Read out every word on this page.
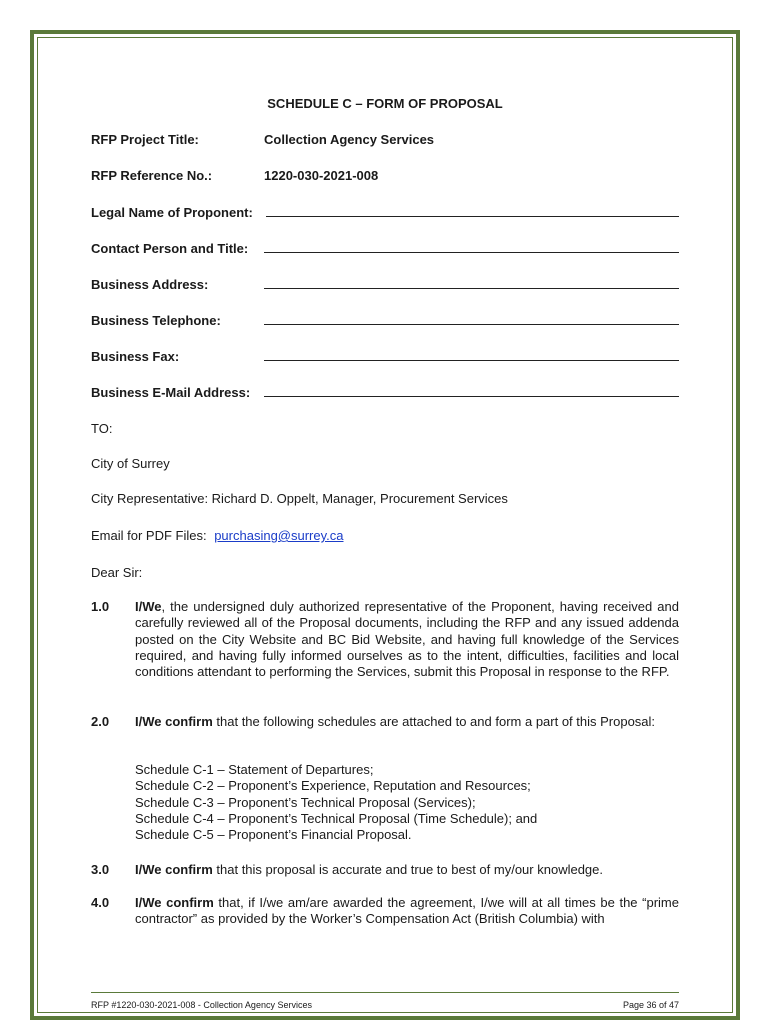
SCHEDULE C – FORM OF PROPOSAL
RFP Project Title:	Collection Agency Services
RFP Reference No.:	1220-030-2021-008
Legal Name of Proponent:
Contact Person and Title:
Business Address:
Business Telephone:
Business Fax:
Business E-Mail Address:
TO:
City of Surrey
City Representative: Richard D. Oppelt, Manager, Procurement Services
Email for PDF Files: purchasing@surrey.ca
Dear Sir:
1.0 I/We, the undersigned duly authorized representative of the Proponent, having received and carefully reviewed all of the Proposal documents, including the RFP and any issued addenda posted on the City Website and BC Bid Website, and having full knowledge of the Services required, and having fully informed ourselves as to the intent, difficulties, facilities and local conditions attendant to performing the Services, submit this Proposal in response to the RFP.
2.0 I/We confirm that the following schedules are attached to and form a part of this Proposal:
Schedule C-1 – Statement of Departures;
Schedule C-2 – Proponent’s Experience, Reputation and Resources;
Schedule C-3 – Proponent’s Technical Proposal (Services);
Schedule C-4 – Proponent’s Technical Proposal (Time Schedule); and
Schedule C-5 – Proponent’s Financial Proposal.
3.0 I/We confirm that this proposal is accurate and true to best of my/our knowledge.
4.0 I/We confirm that, if I/we am/are awarded the agreement, I/we will at all times be the “prime contractor” as provided by the Worker’s Compensation Act (British Columbia) with
RFP #1220-030-2021-008 - Collection Agency Services	Page 36 of 47
